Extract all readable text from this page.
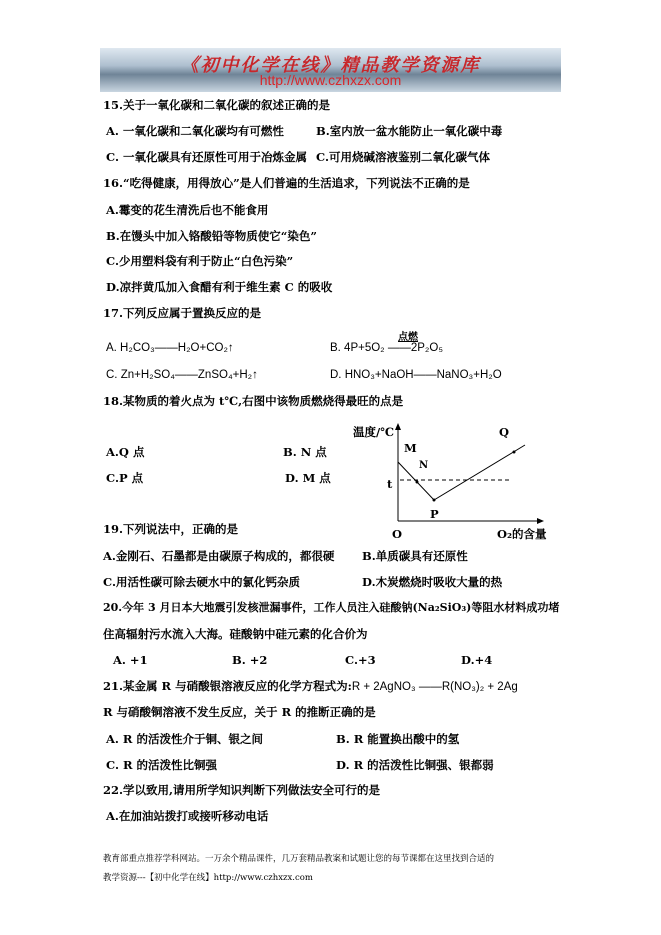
《初中化学在线》精品教学资源库
http://www.czhxzx.com
15.关于一氧化碳和二氧化碳的叙述正确的是
A. 一氧化碳和二氧化碳均有可燃性	B.室内放一盆水能防止一氧化碳中毒
C. 一氧化碳具有还原性可用于冶炼金属 C.可用烧碱溶液鉴别二氧化碳气体
16.“吃得健康，用得放心”是人们普遍的生活追求，下列说法不正确的是
A.霉变的花生清洗后也不能食用
B.在馒头中加入铬酸铅等物质使它“染色”
C.少用塑料袋有利于防止“白色污染”
D.凉拌黄瓜加入食醋有利于维生素 C 的吸收
17.下列反应属于置换反应的是
A. H₂CO₃——H₂O+CO₂↑	B. 4P+5O₂ ——2P₂O₅
点燃
C. Zn+H₂SO₄——ZnSO₄+H₂↑	D. HNO₃+NaOH——NaNO₃+H₂O
18.某物质的着火点为 t℃,右图中该物质燃烧得最旺的点是
A.Q 点	B. N 点
C.P 点	D. M 点
温度/℃
M
N
t
P
Q
O	O₂的含量
19.下列说法中，正确的是
A.金刚石、石墨都是由碳原子构成的，都很硬 B.单质碳具有还原性
C.用活性碳可除去硬水中的氯化钙杂质	D.木炭燃烧时吸收大量的热
20.今年 3 月日本大地震引发核泄漏事件，工作人员注入硅酸钠(Na₂SiO₃)等阻水材料成功堵
住高辐射污水流入大海。硅酸钠中硅元素的化合价为
A. +1	B. +2	C.+3	D.+4
21.某金属 R 与硝酸银溶液反应的化学方程式为:R + 2AgNO₃ ——R(NO₃)₂ + 2Ag
R 与硝酸铜溶液不发生反应，关于 R 的推断正确的是
A. R 的活泼性介于铜、银之间	B. R 能置换出酸中的氢
C. R 的活泼性比铜强	D. R 的活泼性比铜强、银都弱
22.学以致用,请用所学知识判断下列做法安全可行的是
A.在加油站拨打或接听移动电话
教育部重点推荐学科网站。一万余个精品课件，几万套精品教案和试题让您的每节课都在这里找到合适的
教学资源---【初中化学在线】http://www.czhxzx.com
